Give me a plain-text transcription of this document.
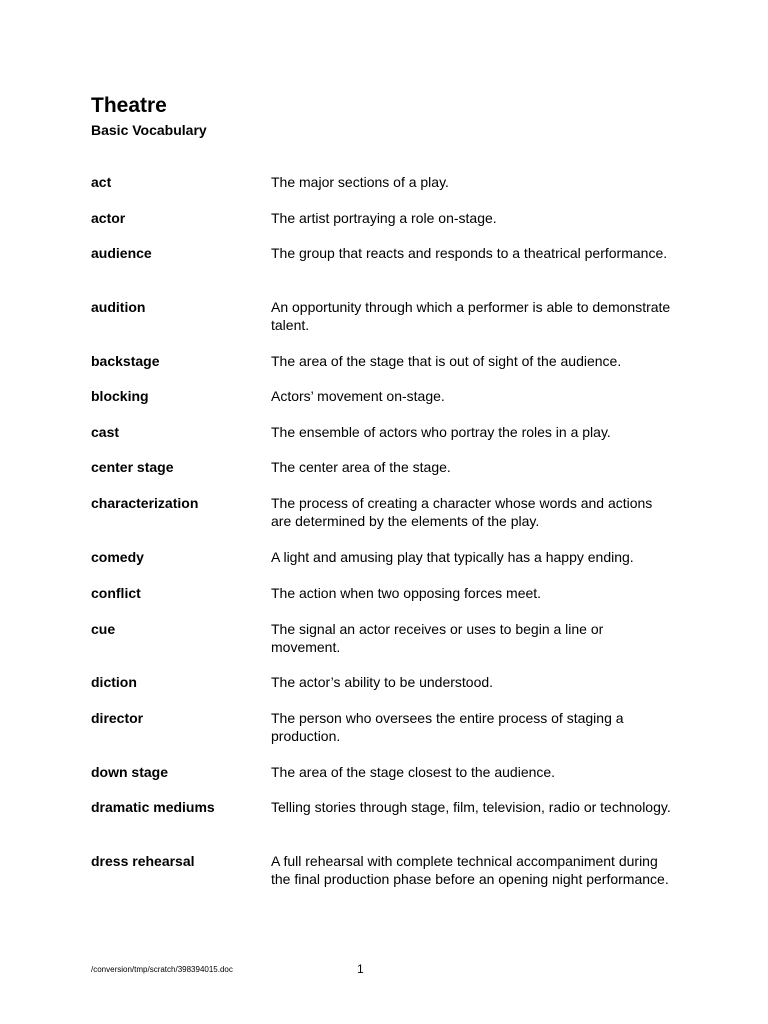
Theatre
Basic Vocabulary
act	The major sections of a play.
actor	The artist portraying a role on-stage.
audience	The group that reacts and responds to a theatrical performance.
audition	An opportunity through which a performer is able to demonstrate talent.
backstage	The area of the stage that is out of sight of the audience.
blocking	Actors’ movement on-stage.
cast	The ensemble of actors who portray the roles in a play.
center stage	The center area of the stage.
characterization	The process of creating a character whose words and actions are determined by the elements of the play.
comedy	A light and amusing play that typically has a happy ending.
conflict	The action when two opposing forces meet.
cue	The signal an actor receives or uses to begin a line or movement.
diction	The actor’s ability to be understood.
director	The person who oversees the entire process of staging a production.
down stage	The area of the stage closest to the audience.
dramatic mediums	Telling stories through stage, film, television, radio or technology.
dress rehearsal	A full rehearsal with complete technical accompaniment during the final production phase before an opening night performance.
/conversion/tmp/scratch/398394015.doc	1
